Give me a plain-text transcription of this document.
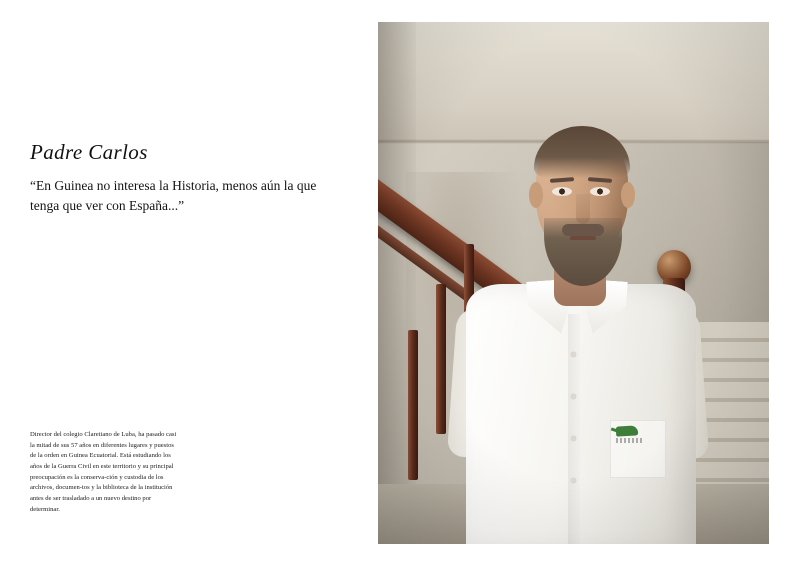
Padre Carlos
“En Guinea no interesa la Historia, menos aún la que tenga que ver con España...”
Director del colegio Claretiano de Luba, ha pasado casi la mitad de sus 57 años en diferentes lugares y puestos de la orden en Guinea Ecuatorial. Está estudiando los años de la Guerra Civil en este territorio y su principal preocupación es la conserva-ción y custodia de los archivos, documen-tos y la biblioteca de la institución antes de ser trasladado a un nuevo destino por determinar.
